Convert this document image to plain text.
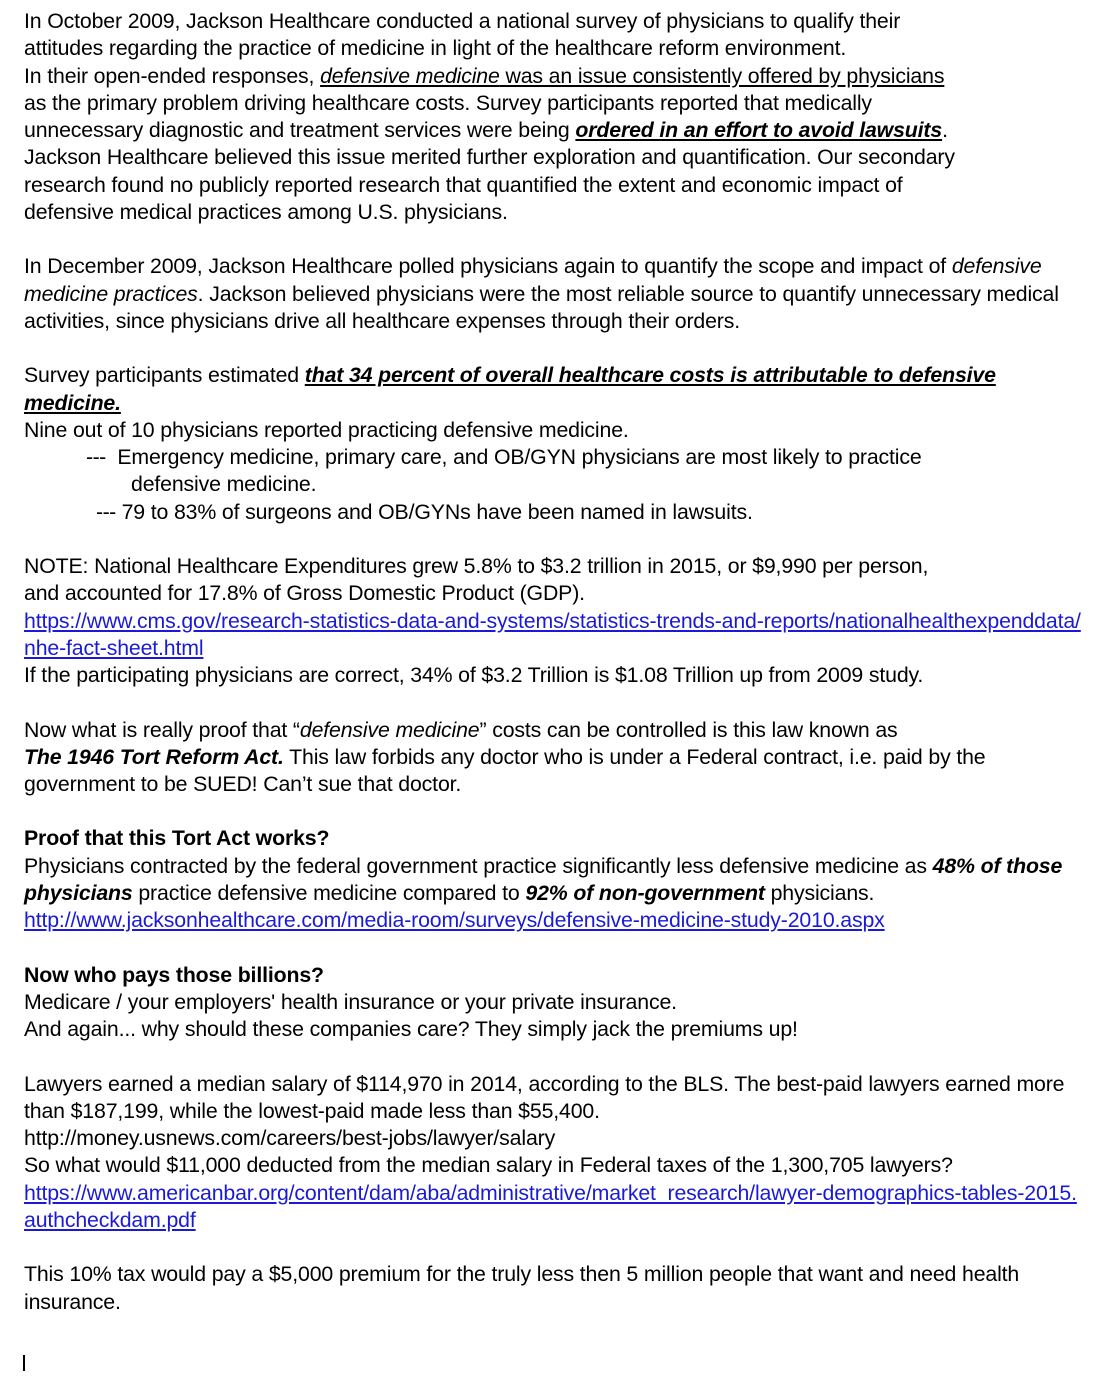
In October 2009, Jackson Healthcare conducted a national survey of physicians to qualify their
attitudes regarding the practice of medicine in light of the healthcare reform environment.
In their open-ended responses, defensive medicine was an issue consistently offered by physicians
as the primary problem driving healthcare costs. Survey participants reported that medically
unnecessary diagnostic and treatment services were being ordered in an effort to avoid lawsuits.
Jackson Healthcare believed this issue merited further exploration and quantification. Our secondary
research found no publicly reported research that quantified the extent and economic impact of
defensive medical practices among U.S. physicians.

In December 2009, Jackson Healthcare polled physicians again to quantify the scope and impact of defensive medicine practices. Jackson believed physicians were the most reliable source to quantify unnecessary medical activities, since physicians drive all healthcare expenses through their orders.

Survey participants estimated that 34 percent of overall healthcare costs is attributable to defensive medicine.
Nine out of 10 physicians reported practicing defensive medicine.

--- Emergency medicine, primary care, and OB/GYN physicians are most likely to practice
defensive medicine.

--- 79 to 83% of surgeons and OB/GYNs have been named in lawsuits.

NOTE: National Healthcare Expenditures grew 5.8% to $3.2 trillion in 2015, or $9,990 per person,
and accounted for 17.8% of Gross Domestic Product (GDP).
https://www.cms.gov/research-statistics-data-and-systems/statistics-trends-and-reports/nationalhealthexpenddata/nhe-fact-sheet.html
If the participating physicians are correct, 34% of $3.2 Trillion is $1.08 Trillion up from 2009 study.

Now what is really proof that “defensive medicine” costs can be controlled is this law known as
The 1946 Tort Reform Act. This law forbids any doctor who is under a Federal contract, i.e. paid by the government to be SUED! Can’t sue that doctor.

Proof that this Tort Act works?

Physicians contracted by the federal government practice significantly less defensive medicine as 48% of those physicians practice defensive medicine compared to 92% of non-government physicians.
http://www.jacksonhealthcare.com/media-room/surveys/defensive-medicine-study-2010.aspx

Now who pays those billions?

Medicare / your employers' health insurance or your private insurance.
And again... why should these companies care? They simply jack the premiums up!

Lawyers earned a median salary of $114,970 in 2014, according to the BLS. The best-paid lawyers earned more than $187,199, while the lowest-paid made less than $55,400.
http://money.usnews.com/careers/best-jobs/lawyer/salary
So what would $11,000 deducted from the median salary in Federal taxes of the 1,300,705 lawyers?
https://www.americanbar.org/content/dam/aba/administrative/market_research/lawyer-demographics-tables-2015.authcheckdam.pdf

This 10% tax would pay a $5,000 premium for the truly less then 5 million people that want and need health insurance.
